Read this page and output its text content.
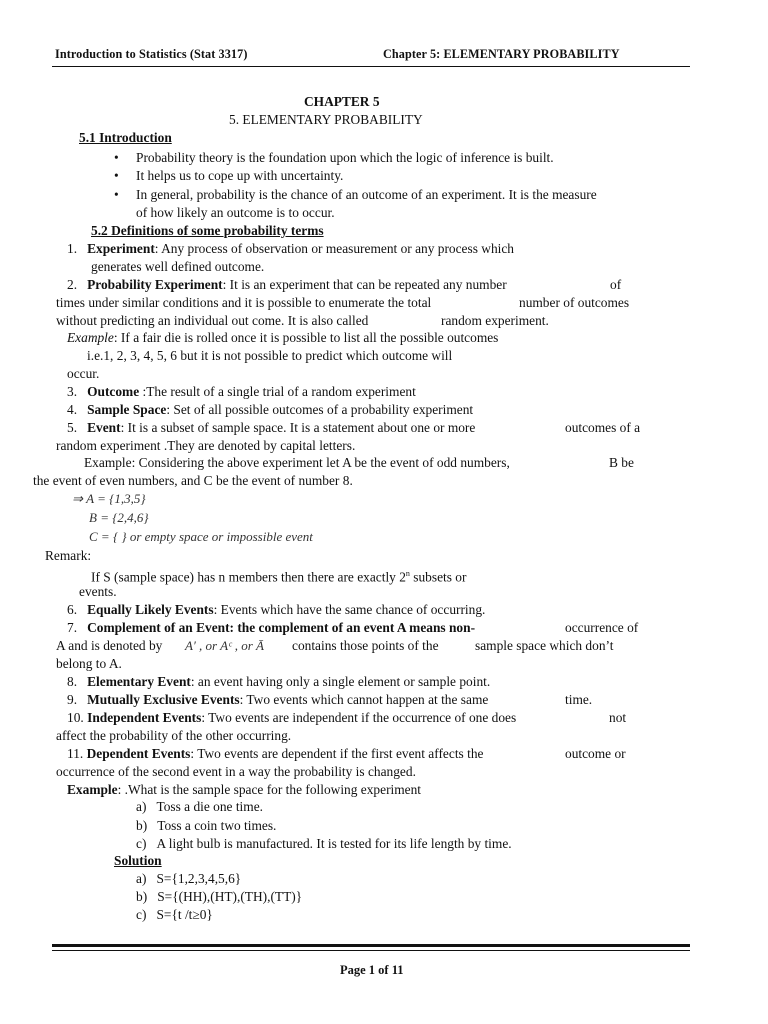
Introduction to Statistics (Stat 3317)	Chapter 5: ELEMENTARY PROBABILITY
CHAPTER 5
5. ELEMENTARY PROBABILITY
5.1 Introduction
• Probability theory is the foundation upon which the logic of inference is built.
• It helps us to cope up with uncertainty.
• In general, probability is the chance of an outcome of an experiment. It is the measure
of how likely an outcome is to occur.
5.2 Definitions of some probability terms
1. Experiment: Any process of observation or measurement or any process which
generates well defined outcome.
2. Probability Experiment: It is an experiment that can be repeated any number	of
times under similar conditions and it is possible to enumerate the total	number of outcomes
without predicting an individual out come. It is also called	random experiment.
Example: If a fair die is rolled once it is possible to list all the possible outcomes
i.e.1, 2, 3, 4, 5, 6 but it is not possible to predict which outcome will
occur.
3. Outcome :The result of a single trial of a random experiment
4. Sample Space: Set of all possible outcomes of a probability experiment
5. Event: It is a subset of sample space. It is a statement about one or more	outcomes of a
random experiment .They are denoted by capital letters.
Example: Considering the above experiment let A be the event of odd numbers,	B be
the event of even numbers, and C be the event of number 8.
⇒ A = {1,3,5}
B = {2,4,6}
C = { } or empty space or impossible event
Remark:
If S (sample space) has n members then there are exactly 2$^n$ subsets or
events.
6. Equally Likely Events: Events which have the same chance of occurring.
7. Complement of an Event: the complement of an event A means non-	occurrence of
A and is denoted by A′ , or Aᶜ , or Ā contains those points of the	sample space which don’t
belong to A.
8. Elementary Event: an event having only a single element or sample point.
9. Mutually Exclusive Events: Two events which cannot happen at the same	time.
10. Independent Events: Two events are independent if the occurrence of one does	not
affect the probability of the other occurring.
11. Dependent Events: Two events are dependent if the first event affects the	outcome or
occurrence of the second event in a way the probability is changed.
Example: .What is the sample space for the following experiment
a) Toss a die one time.
b) Toss a coin two times.
c) A light bulb is manufactured. It is tested for its life length by time.
Solution
a) S={1,2,3,4,5,6}
b) S={(HH),(HT),(TH),(TT)}
c) S={t /t≥0}
Page 1 of 11
